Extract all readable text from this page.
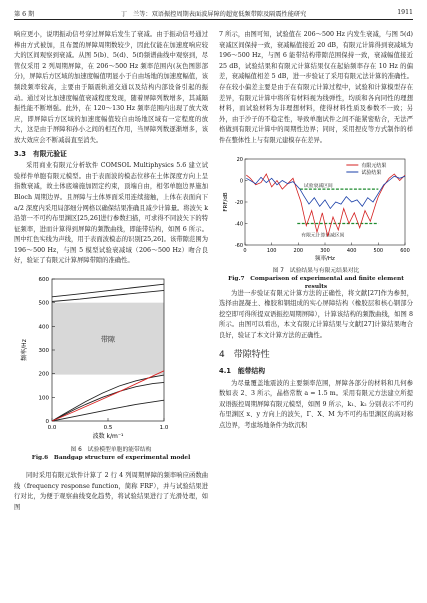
第 6 期	丁　兰等：双语振控周期表面波屏障的超宽低频带隙及隔震性能研究	1911

响应更小，说明振动信号穿过屏障后发生了衰减。由于振动信号通过棒由方式被加，且布置的屏障周期数较少，因此仅能在加速度响应较大的区间观察到衰减。从图 5(b)、5(d)、5(f)频谱曲线中观察到，尽管仅采用 2 列周期屏障，在 206～500 Hz 频率范围内(灰色图影部分)，屏障后方区域的加速度幅值明显小于自由场地的加速度幅值，该频段频率较高，主要由于隔震轨道交通以及结构内部设备引起的振动。通过对比加速度幅值衰减程度发现，随着屏障列数增多，其减隔振性能不断增强。此外，在 120～130 Hz 频率范围内出现了放大效应，即屏障后方区域的加速度幅值较自由场地区域有一定程度的放大，这是由于屏障和孙小之间的相互作用，当屏障列数逐渐增多，该放大效应会不断减弱直至消失。

3.3　有限元验证

采用商业有限元分析软件 COMSOL Multiphysics 5.6 建立试验样件单胞有限元模型。由于表面波的模态位移在土体深度方向上呈指数衰减，故土体底端施加固定约束，顶端自由，相邻单胞边界施加 Bloch 周期边界。且屏障与土体界面采用连续接触，上体在表面向下 a/2 深度内采用局部细分网格以确保结果准确且减少计算量。将波矢 k 沿第一不可约布里渊区[25,26]进行参数扫描，可求得不同波矢下的特征频率，进而计算得到屏障的频散曲线，即能带结构，如图 6 所示。图中红色实线为声线，用于表面波模态的识别[25,26]。该带隙范围为 196～500 Hz，与图 5 模型试验衰减域（206～500 Hz）吻合良好，验证了有限元计算屏障带隙的准确性。

带隙
0
100
200
300
400
500
600
0.0	0.5	1.0
波数 k/m⁻¹
频率/Hz
图 6　试验模型单胞的能带结构
Fig.6　Bandgap structure of experimental model

同时采用有限元软件计算了 2 行 4 列周期屏障的频率响应函数曲线（frequency response function，简称 FRF），并与试验结果进行对比，为便于观察曲线变化趋势，将试验结果进行了光滑处理，如图

7 所示，由图可知，试验值在 206～500 Hz 内发生衰减，与图 5(d)衰减区间保持一致，衰减幅值接近 20 dB，有限元计算得到衰减域为 196～500 Hz，与图 6 能带结构带隙范围保持一致，衰减幅值接近 25 dB，试验结果和有限元计算结果仅在起始频率存在 10 Hz 的偏差，衰减幅值相差 5 dB，进一步验证了采用有限元法计算的准确性。存在较小偏差主要是由于在有限元计算过程中，试验和计算模型存在差异，有限元计算中将所有材料视为线弹性，均质和各向同性的理想材料，而试验材料为非理想材料，使得材料性质及参数不一致；另外，由于沙子的不稳定性，导致单胞试件之间不能紧密贴合，无法严格做到有限元计算中的周期性边界；同时，采用捏皮等方式制作的样件在整体性上与有限元建模存在差异。

20
0
-20
-40
-60
0	100	200	300	400	500	600
频率/Hz
FRF/dB
试验衰减区间
有限元计算衰减区间
有限元结果
试验结果
图 7　试验结果与有限元结果对比
Fig.7　Comparison of experimental and finite element results

为进一步验证有限元计算方法的正确性，将文献[27]作为参照，选择由混凝土、橡胶和钢组成的实心屏障结构（橡胶层和核心钢部分挖空即可得所提双语振控周期屏障），计算该结构的频散曲线，如图 8 所示。由图可以看出，本文有限元计算结果与文献[27]计算结果吻合良好，验证了本文计算方法的正确性。

4　带隙特性
4.1　能带结构

为尽量覆盖地震波的主要频率范围，屏障各部分的材料和几何参数如表 2、3 所示，晶格常数 a = 1.5 m。采用有限元方法建立所提双语振控周期屏障有限元模型，如图 9 所示，k₁、k₂ 分别表示不可约布里渊区 x、y 方向上的波矢，Γ、X、M 为不可约布里渊区的高对称点边界，考虑场地条件为软沉积
